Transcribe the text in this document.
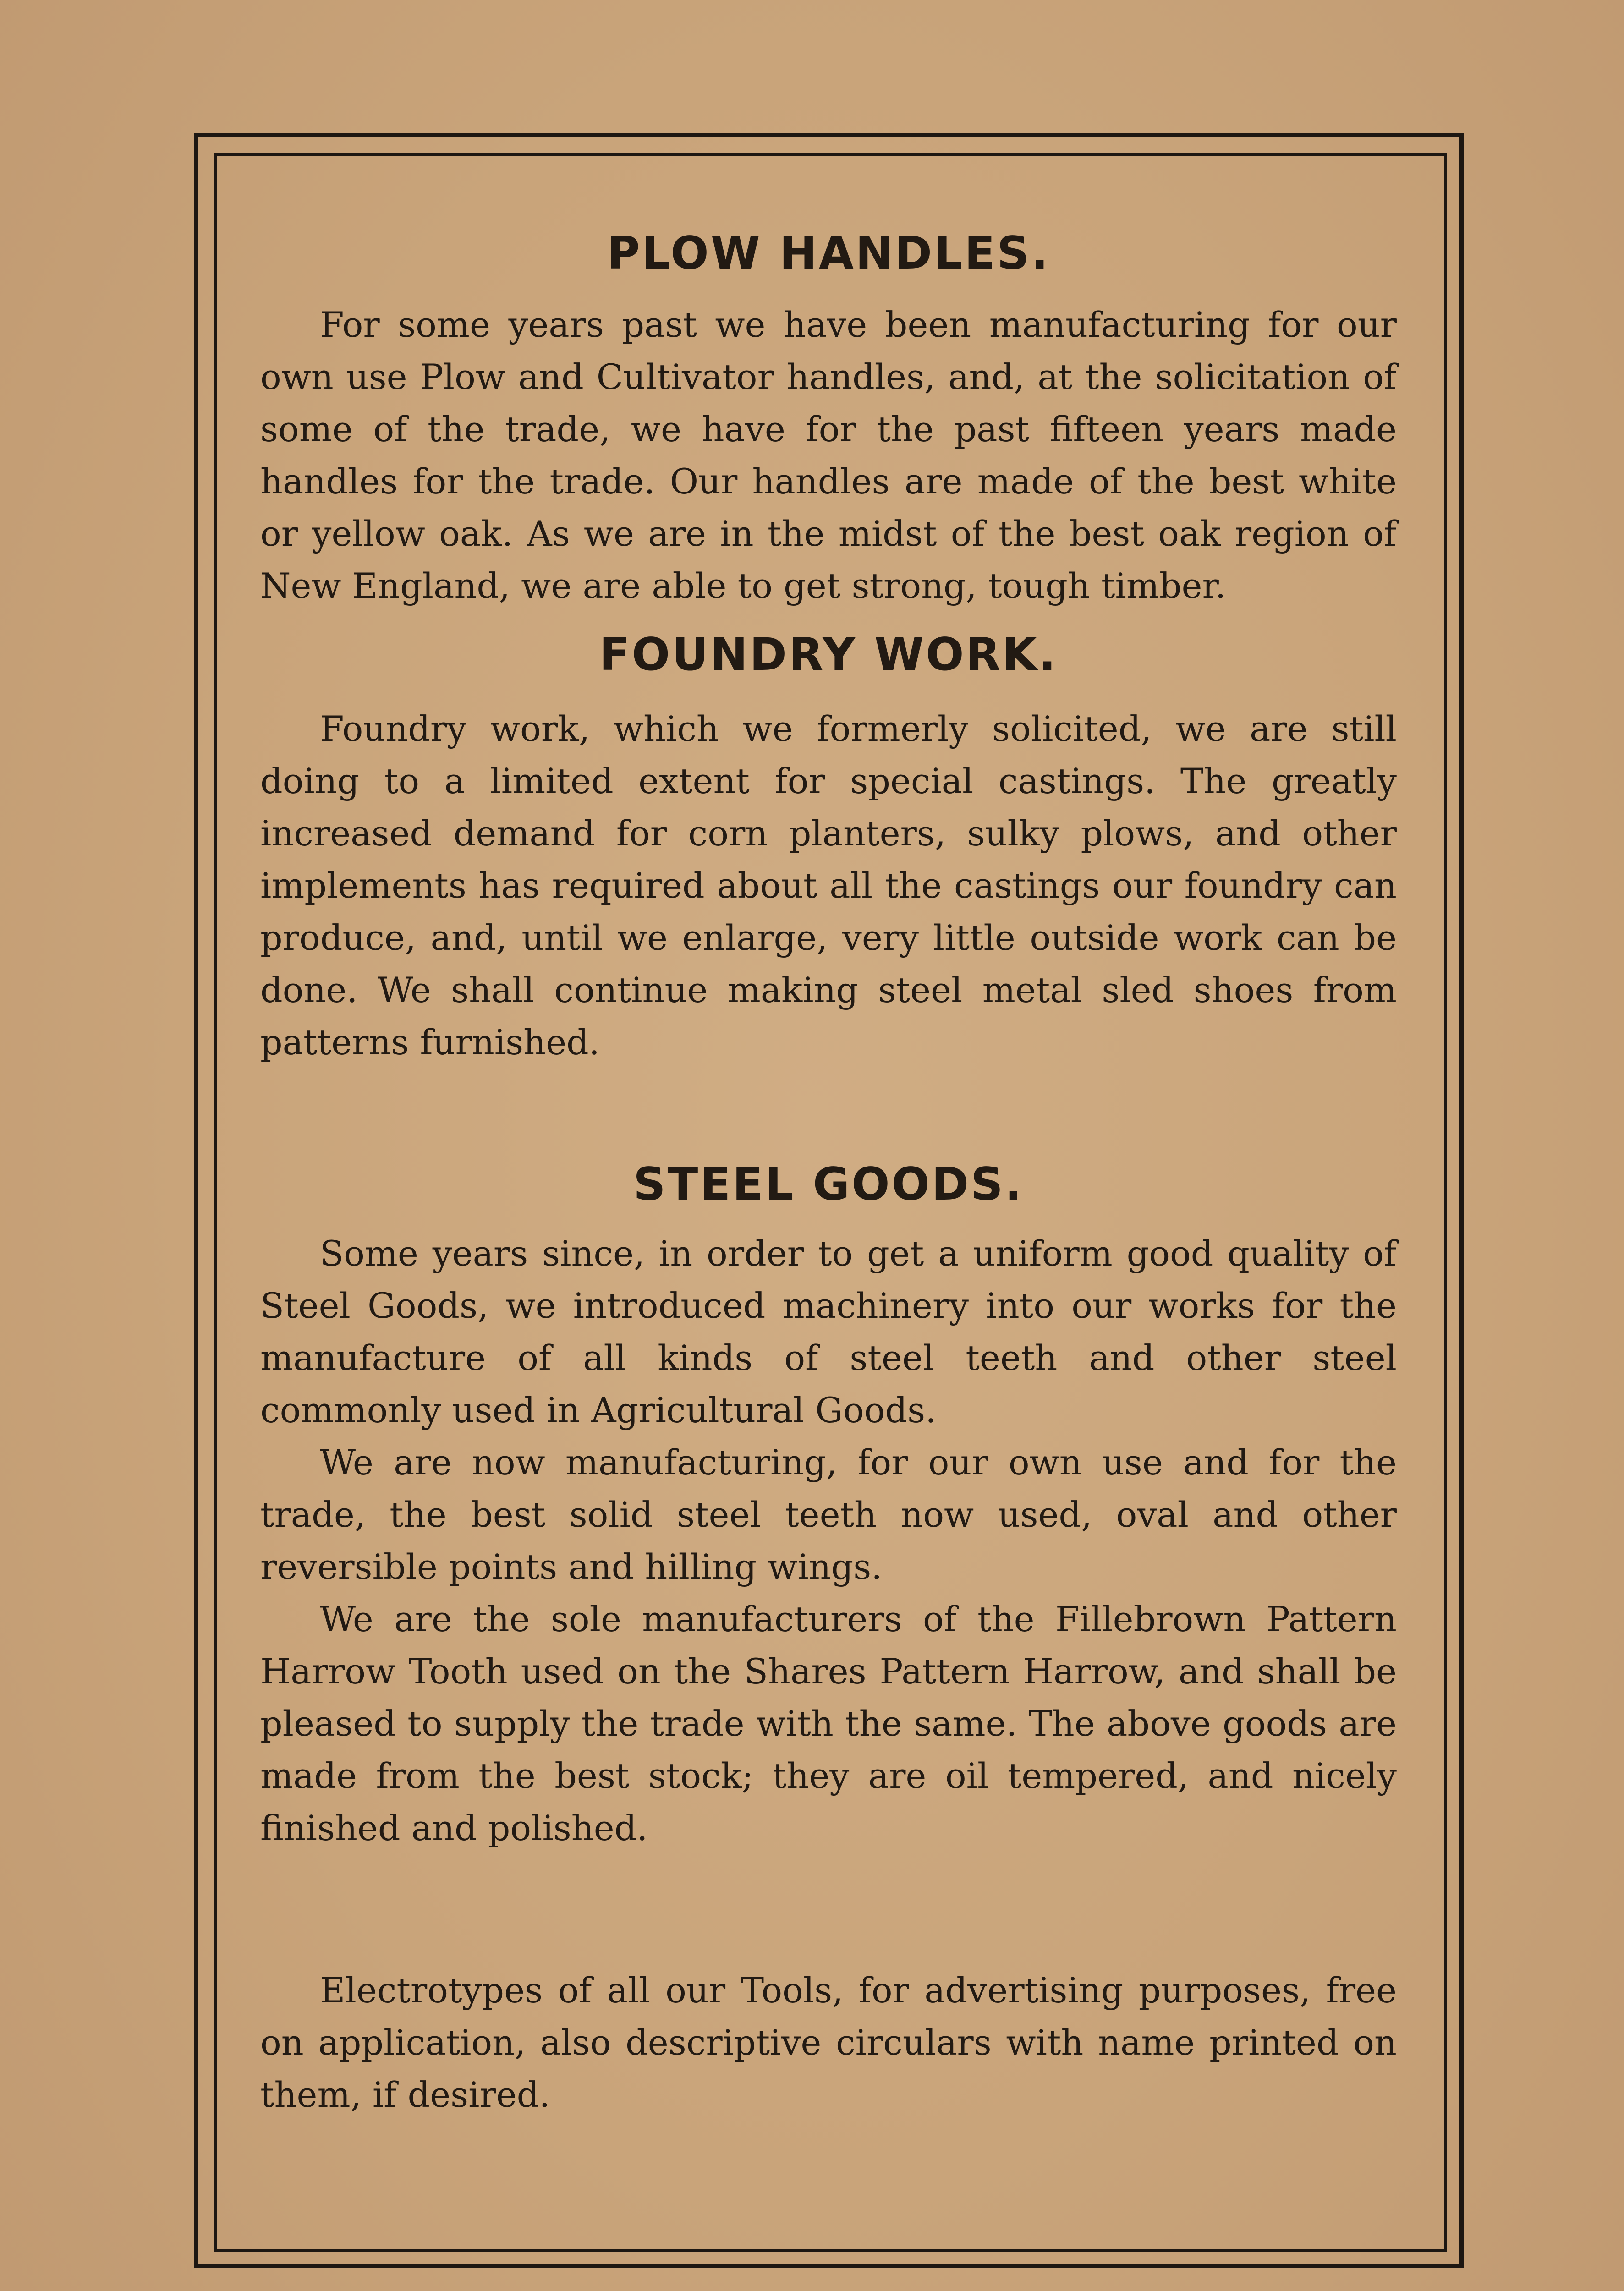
PLOW HANDLES.

For some years past we have been manufacturing for our own use Plow and Cultivator handles, and, at the solicitation of some of the trade, we have for the past fifteen years made handles for the trade. Our handles are made of the best white or yellow oak. As we are in the midst of the best oak region of New England, we are able to get strong, tough timber.

FOUNDRY WORK.

Foundry work, which we formerly solicited, we are still doing to a limited extent for special castings. The greatly increased demand for corn planters, sulky plows, and other implements has required about all the castings our foundry can produce, and, until we enlarge, very little outside work can be done. We shall continue making steel metal sled shoes from patterns furnished.

STEEL GOODS.

Some years since, in order to get a uniform good quality of Steel Goods, we introduced machinery into our works for the manufacture of all kinds of steel teeth and other steel commonly used in Agricultural Goods.

We are now manufacturing, for our own use and for the trade, the best solid steel teeth now used, oval and other reversible points and hilling wings.

We are the sole manufacturers of the Fillebrown Pattern Harrow Tooth used on the Shares Pattern Harrow, and shall be pleased to supply the trade with the same. The above goods are made from the best stock; they are oil tempered, and nicely finished and polished.

Electrotypes of all our Tools, for advertising purposes, free on application, also descriptive circulars with name printed on them, if desired.
